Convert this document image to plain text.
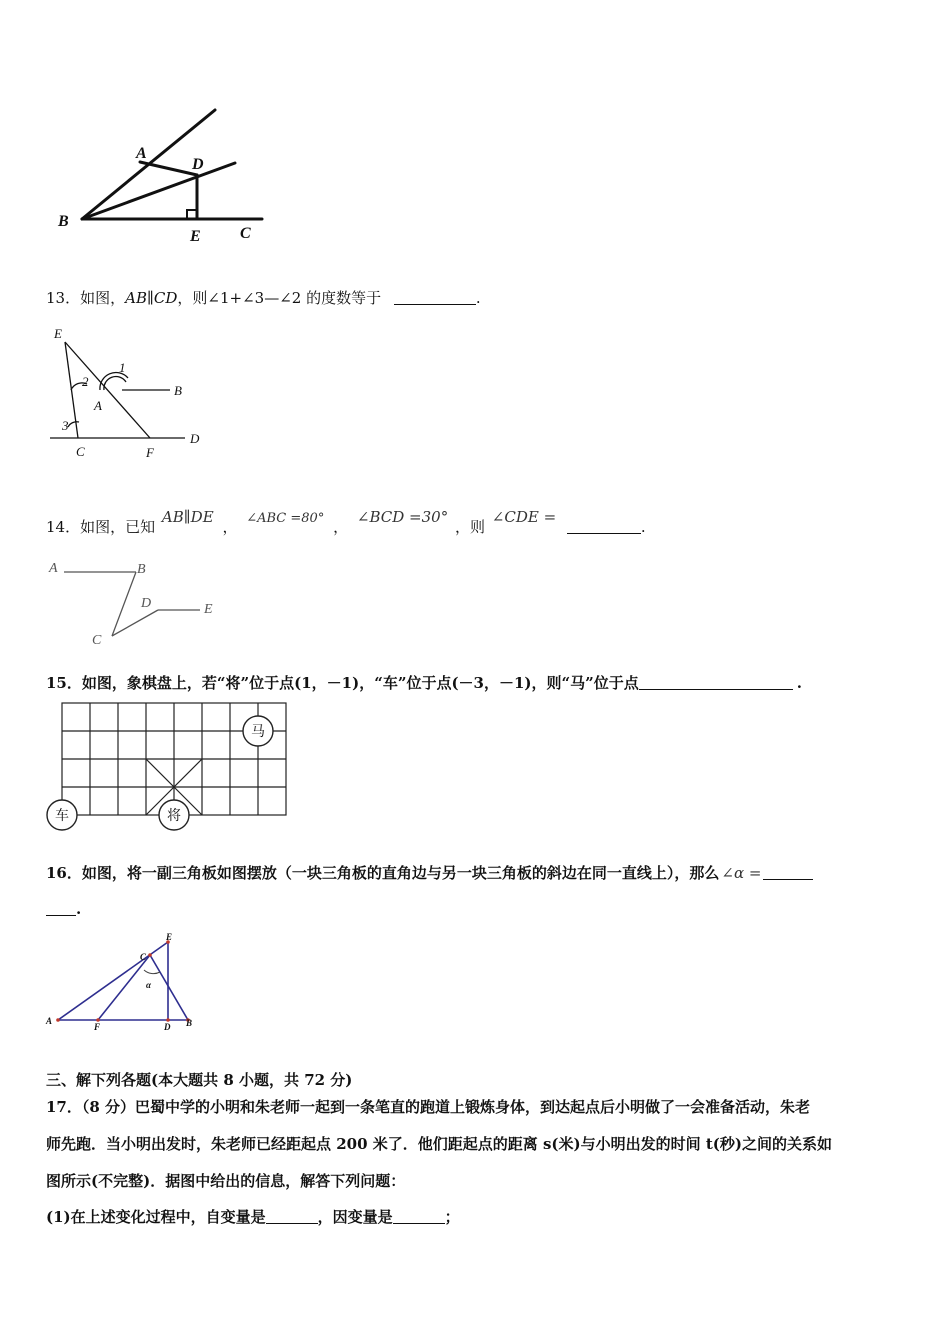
A
D
B
E C
13．如图，AB∥CD，则∠1+∠3—∠2 的度数等于	.
E
1
2
B
A
3
D
C	F
14．如图，已知 AB∥DE ， ∠ABC =80° ， ∠BCD =30° ，则 ∠CDE = .
A	B
D	E
C
15．如图，象棋盘上，若“将”位于点(1，－1)，“车”位于点(－3，－1)，则“马”位于点	.
马
车	将
16．如图，将一副三角板如图摆放（一块三角板的直角边与另一块三角板的斜边在同一直线上），那么 ∠α =
.
A
F	D B
C
E
α
三、解下列各题(本大题共 8 小题，共 72 分)
17．（8 分）巴蜀中学的小明和朱老师一起到一条笔直的跑道上锻炼身体，到达起点后小明做了一会准备活动，朱老
师先跑．当小明出发时，朱老师已经距起点 200 米了．他们距起点的距离 s(米)与小明出发的时间 t(秒)之间的关系如
图所示(不完整)．据图中给出的信息，解答下列问题：
(1)在上述变化过程中，自变量是	，因变量是	；
